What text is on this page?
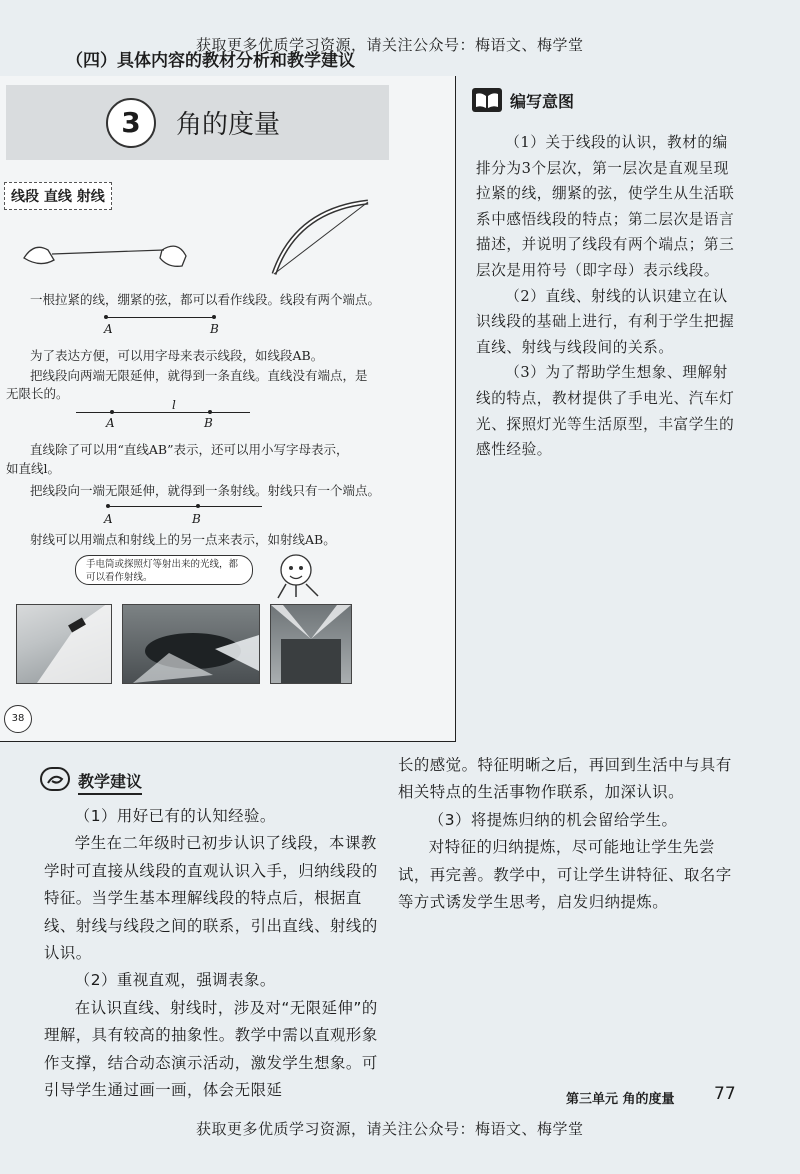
获取更多优质学习资源，请关注公众号：梅语文、梅学堂
（四）具体内容的教材分析和教学建议
3	角的度量
线段 直线 射线
一根拉紧的线，绷紧的弦，都可以看作线段。线段有两个端点。
A	B
为了表达方便，可以用字母来表示线段，如线段AB。
把线段向两端无限延伸，就得到一条直线。直线没有端点，是
无限长的。
l
A	B
直线除了可以用“直线AB”表示，还可以用小写字母表示，
如直线l。
把线段向一端无限延伸，就得到一条射线。射线只有一个端点。
A	B
射线可以用端点和射线上的另一点来表示，如射线AB。
手电筒或探照灯等射出来的光线，都可以看作射线。
38
编写意图

（1）关于线段的认识，教材的编排分为3个层次，第一层次是直观呈现拉紧的线，绷紧的弦，使学生从生活联系中感悟线段的特点；第二层次是语言描述，并说明了线段有两个端点；第三层次是用符号（即字母）表示线段。

（2）直线、射线的认识建立在认识线段的基础上进行，有利于学生把握直线、射线与线段间的关系。

（3）为了帮助学生想象、理解射线的特点，教材提供了手电光、汽车灯光、探照灯光等生活原型，丰富学生的感性经验。

教学建议

（1）用好已有的认知经验。

学生在二年级时已初步认识了线段，本课教学时可直接从线段的直观认识入手，归纳线段的特征。当学生基本理解线段的特点后，根据直线、射线与线段之间的联系，引出直线、射线的认识。

（2）重视直观，强调表象。

在认识直线、射线时，涉及对“无限延伸”的理解，具有较高的抽象性。教学中需以直观形象作支撑，结合动态演示活动，激发学生想象。可引导学生通过画一画，体会无限延

长的感觉。特征明晰之后，再回到生活中与具有相关特点的生活事物作联系，加深认识。

（3）将提炼归纳的机会留给学生。

对特征的归纳提炼，尽可能地让学生先尝试，再完善。教学中，可让学生讲特征、取名字等方式诱发学生思考，启发归纳提炼。

第三单元 角的度量 77
获取更多优质学习资源，请关注公众号：梅语文、梅学堂
